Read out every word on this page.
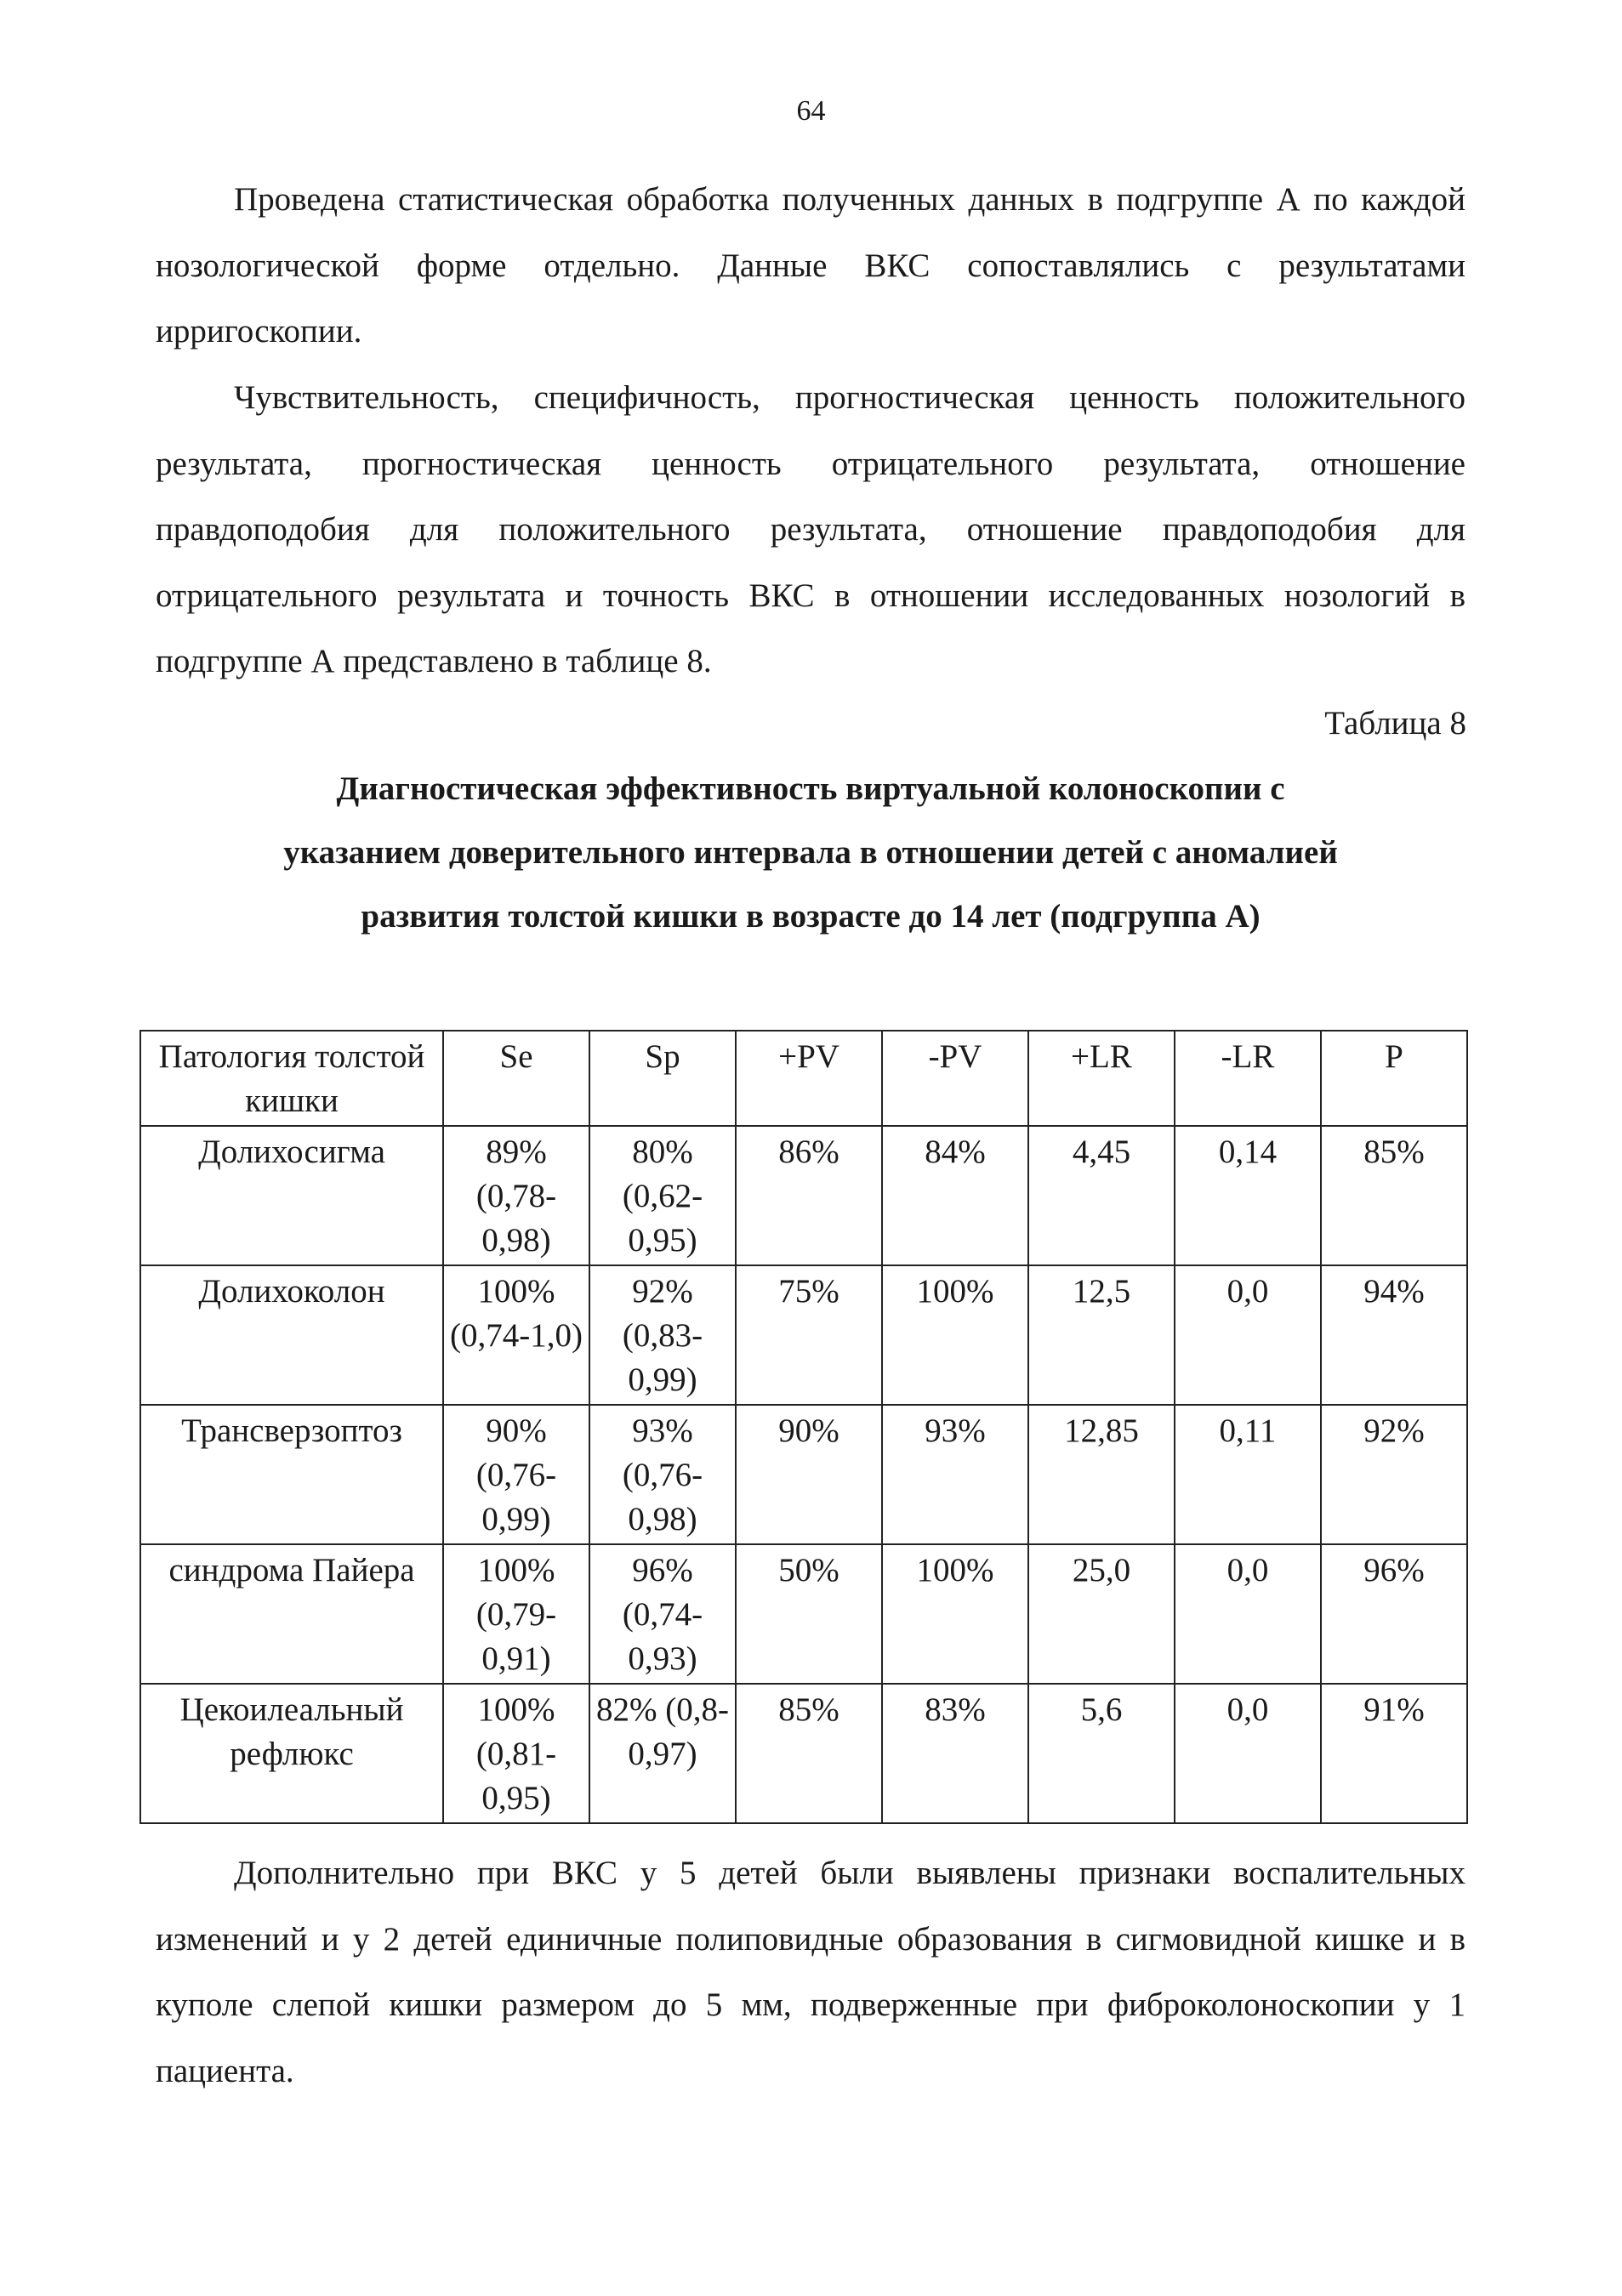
64

Проведена статистическая обработка полученных данных в подгруппе А по каждой нозологической форме отдельно. Данные ВКС сопоставлялись с результатами ирригоскопии.

Чувствительность, специфичность, прогностическая ценность положительного результата, прогностическая ценность отрицательного результата, отношение правдоподобия для положительного результата, отношение правдоподобия для отрицательного результата и точность ВКС в отношении исследованных нозологий в подгруппе А представлено в таблице 8.

Таблица 8
Диагностическая эффективность виртуальной колоноскопии с
указанием доверительного интервала в отношении детей с аномалией
развития толстой кишки в возрасте до 14 лет (подгруппа А)
Патология толстой кишки	Se	Sp	+PV	-PV	+LR	-LR	P
Долихосигма	89% (0,78-0,98)	80% (0,62-0,95)	86%	84%	4,45	0,14	85%
Долихоколон	100% (0,74-1,0)	92% (0,83-0,99)	75%	100%	12,5	0,0	94%
Трансверзоптоз	90% (0,76-0,99)	93% (0,76-0,98)	90%	93%	12,85	0,11	92%
синдрома Пайера	100% (0,79-0,91)	96% (0,74-0,93)	50%	100%	25,0	0,0	96%
Цекоилеальный рефлюкс	100% (0,81-0,95)	82% (0,8-0,97)	85%	83%	5,6	0,0	91%

Дополнительно при ВКС у 5 детей были выявлены признаки воспалительных изменений и у 2 детей единичные полиповидные образования в сигмовидной кишке и в куполе слепой кишки размером до 5 мм, подверженные при фиброколоноскопии у 1 пациента.
